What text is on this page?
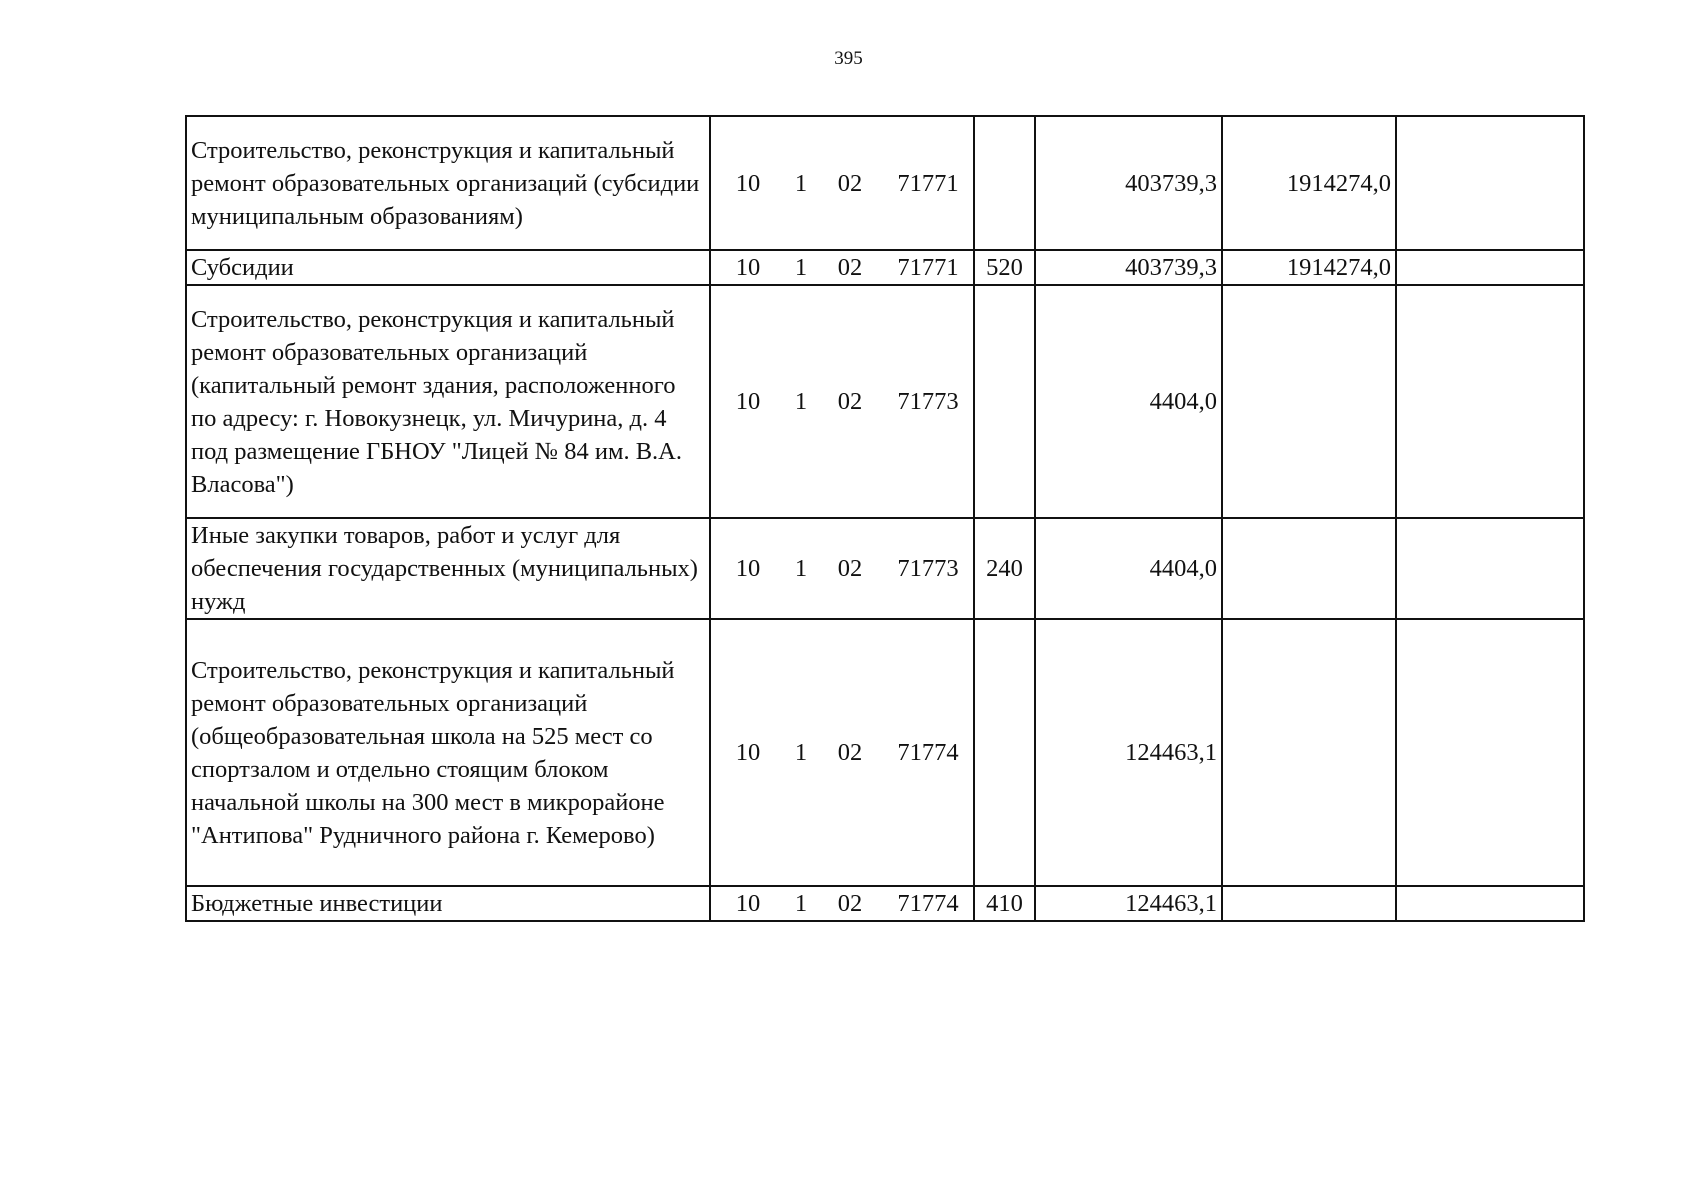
395
Строительство, реконструкция и капитальный ремонт образовательных организаций (субсидии муниципальным образованиям)	10 1 02 71771		403739,3	1914274,0	
Субсидии	10 1 02 71771	520	403739,3	1914274,0	
Строительство, реконструкция и капитальный ремонт образовательных организаций (капитальный ремонт здания, расположенного по адресу: г. Новокузнецк, ул. Мичурина, д. 4 под размещение ГБНОУ "Лицей № 84 им. В.А. Власова")	10 1 02 71773		4404,0		
Иные закупки товаров, работ и услуг для обеспечения государственных (муниципальных) нужд	10 1 02 71773	240	4404,0		
Строительство, реконструкция и капитальный ремонт образовательных организаций (общеобразовательная школа на 525 мест со спортзалом и отдельно стоящим блоком начальной школы на 300 мест в микрорайоне "Антипова" Рудничного района г. Кемерово)	10 1 02 71774		124463,1		
Бюджетные инвестиции	10 1 02 71774	410	124463,1		
